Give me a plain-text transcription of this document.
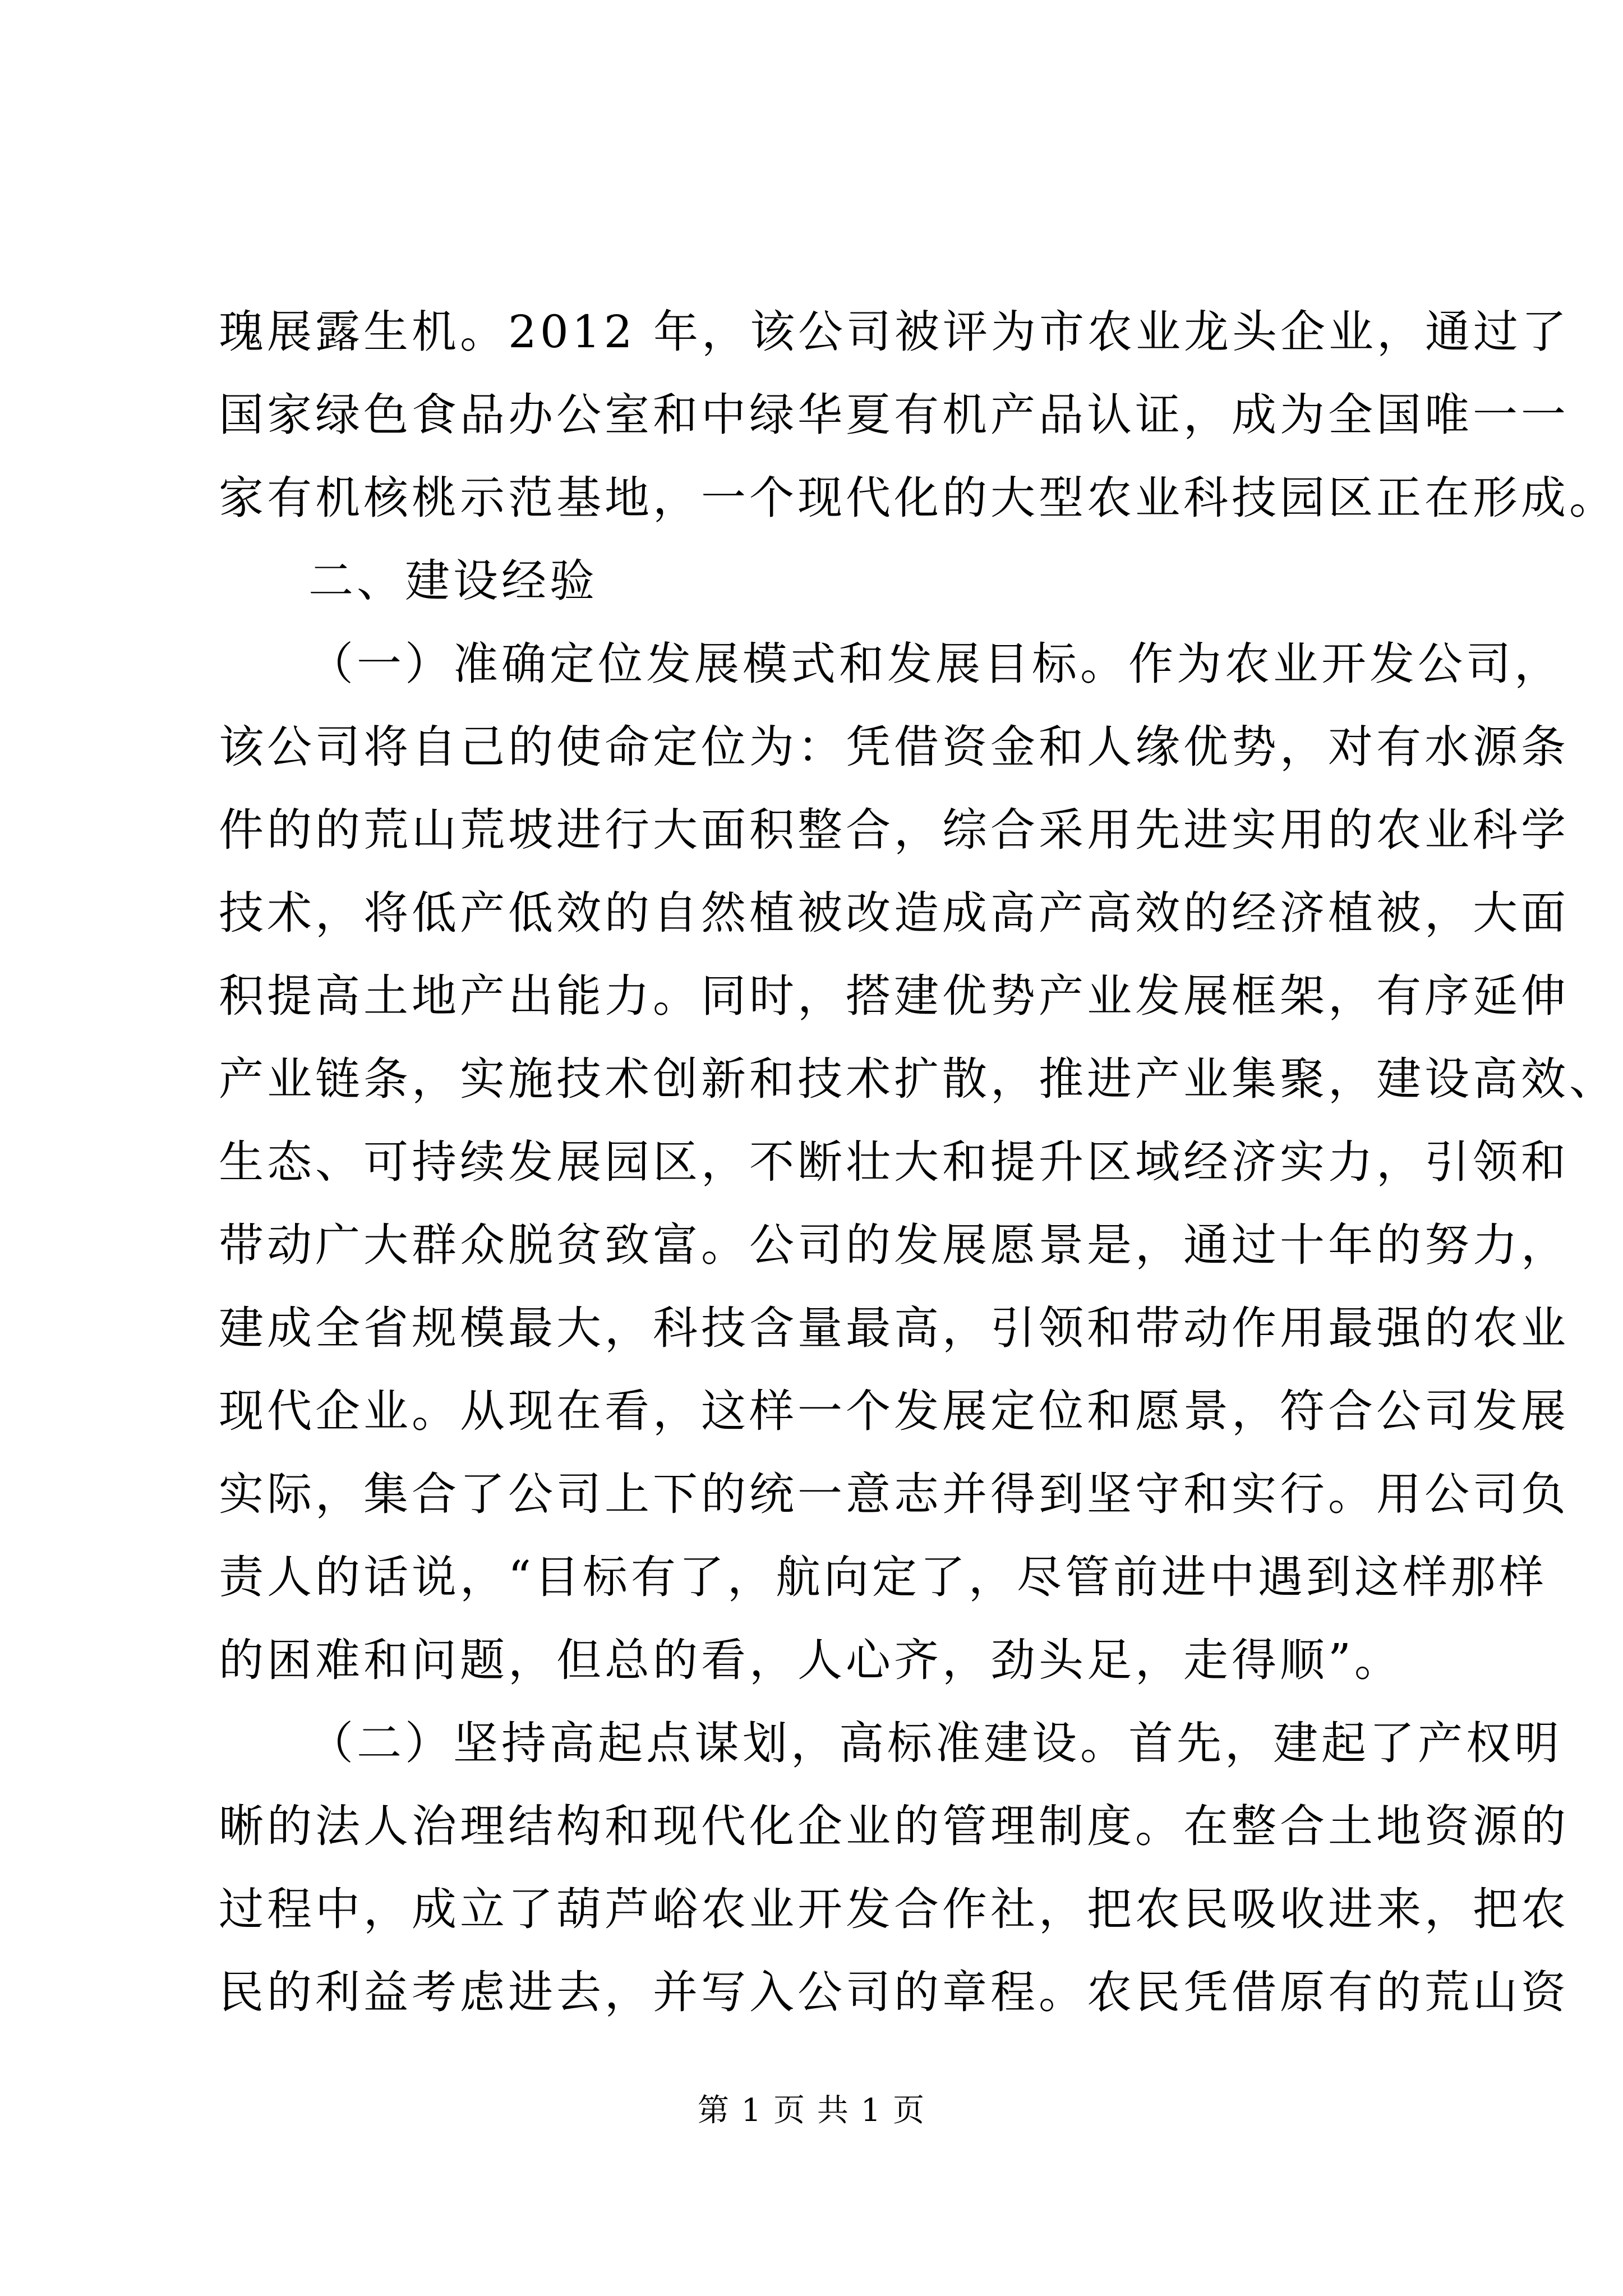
瑰展露生机。2012 年，该公司被评为市农业龙头企业，通过了
国家绿色食品办公室和中绿华夏有机产品认证，成为全国唯一一
家有机核桃示范基地，一个现代化的大型农业科技园区正在形成。
二、建设经验
（一）准确定位发展模式和发展目标。作为农业开发公司，
该公司将自己的使命定位为：凭借资金和人缘优势，对有水源条
件的的荒山荒坡进行大面积整合，综合采用先进实用的农业科学
技术，将低产低效的自然植被改造成高产高效的经济植被，大面
积提高土地产出能力。同时，搭建优势产业发展框架，有序延伸
产业链条，实施技术创新和技术扩散，推进产业集聚，建设高效、
生态、可持续发展园区，不断壮大和提升区域经济实力，引领和
带动广大群众脱贫致富。公司的发展愿景是，通过十年的努力，
建成全省规模最大，科技含量最高，引领和带动作用最强的农业
现代企业。从现在看，这样一个发展定位和愿景，符合公司发展
实际，集合了公司上下的统一意志并得到坚守和实行。用公司负
责人的话说，“目标有了，航向定了，尽管前进中遇到这样那样
的困难和问题，但总的看，人心齐，劲头足，走得顺”。
（二）坚持高起点谋划，高标准建设。首先，建起了产权明
晰的法人治理结构和现代化企业的管理制度。在整合土地资源的
过程中，成立了葫芦峪农业开发合作社，把农民吸收进来，把农
民的利益考虑进去，并写入公司的章程。农民凭借原有的荒山资
第 1 页 共 1 页
